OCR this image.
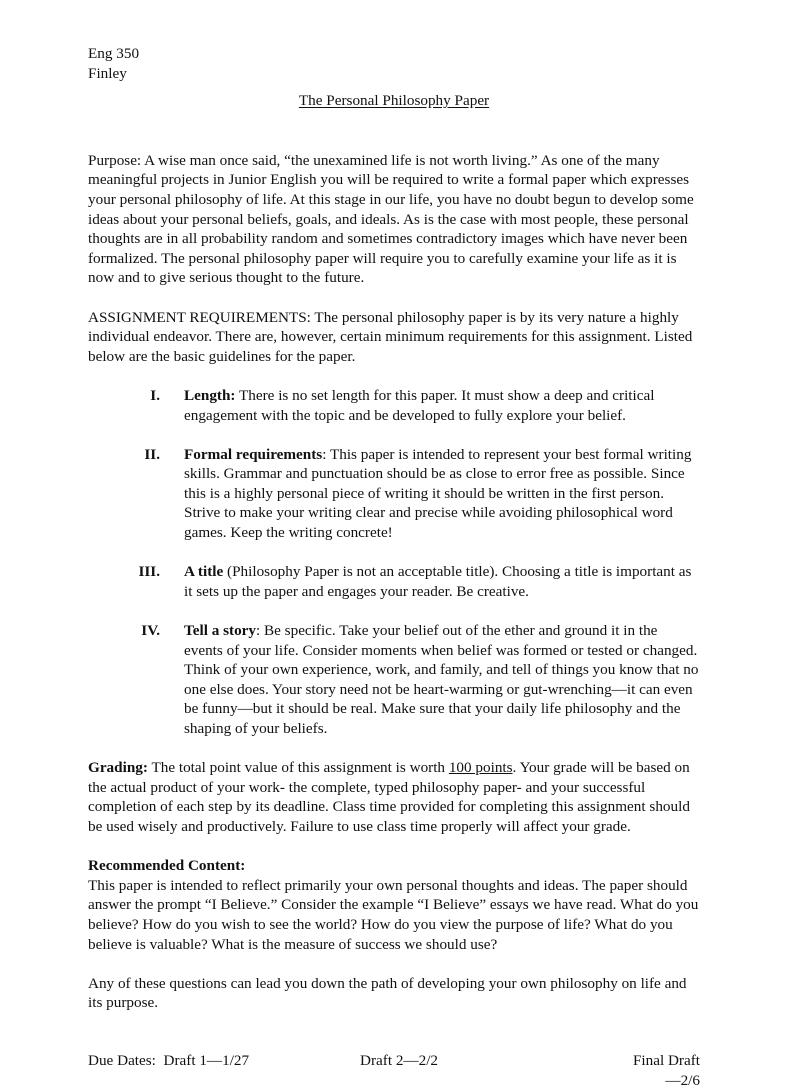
Eng 350
Finley
The Personal Philosophy Paper

Purpose: A wise man once said, “the unexamined life is not worth living.” As one of the many meaningful projects in Junior English you will be required to write a formal paper which expresses your personal philosophy of life. At this stage in our life, you have no doubt begun to develop some ideas about your personal beliefs, goals, and ideals. As is the case with most people, these personal thoughts are in all probability random and sometimes contradictory images which have never been formalized. The personal philosophy paper will require you to carefully examine your life as it is now and to give serious thought to the future.

ASSIGNMENT REQUIREMENTS: The personal philosophy paper is by its very nature a highly individual endeavor. There are, however, certain minimum requirements for this assignment. Listed below are the basic guidelines for the paper.

I.	Length: There is no set length for this paper. It must show a deep and critical engagement with the topic and be developed to fully explore your belief.
II.	Formal requirements: This paper is intended to represent your best formal writing skills. Grammar and punctuation should be as close to error free as possible. Since this is a highly personal piece of writing it should be written in the first person. Strive to make your writing clear and precise while avoiding philosophical word games. Keep the writing concrete!
III.	A title (Philosophy Paper is not an acceptable title). Choosing a title is important as it sets up the paper and engages your reader. Be creative.
IV.	Tell a story: Be specific. Take your belief out of the ether and ground it in the events of your life. Consider moments when belief was formed or tested or changed. Think of your own experience, work, and family, and tell of things you know that no one else does. Your story need not be heart-warming or gut-wrenching—it can even be funny—but it should be real. Make sure that your daily life philosophy and the shaping of your beliefs.

Grading: The total point value of this assignment is worth 100 points. Your grade will be based on the actual product of your work- the complete, typed philosophy paper- and your successful completion of each step by its deadline. Class time provided for completing this assignment should be used wisely and productively. Failure to use class time properly will affect your grade.

Recommended Content:

This paper is intended to reflect primarily your own personal thoughts and ideas. The paper should answer the prompt “I Believe.” Consider the example “I Believe” essays we have read. What do you believe? How do you wish to see the world? How do you view the purpose of life? What do you believe is valuable? What is the measure of success we should use?

Any of these questions can lead you down the path of developing your own philosophy on life and its purpose.

Due Dates: Draft 1—1/27	Draft 2—2/2	Final Draft—2/6
